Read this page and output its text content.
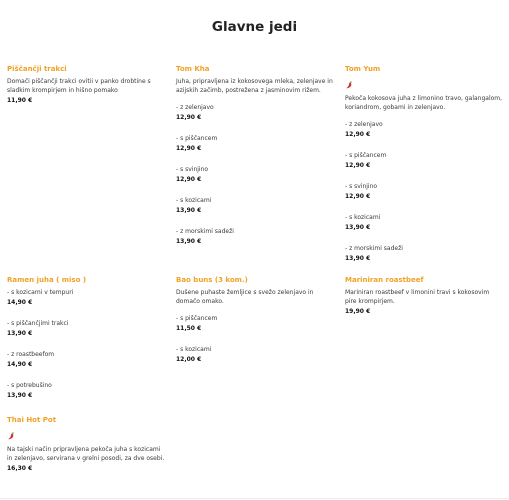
Glavne jedi
Piščančji trakci
Domači piščančji trakci ovitii v panko drobtine s sladkim krompirjem in hišno pomako
11,90 €
Tom Kha
Juha, pripravljena iz kokosovega mleka, zelenjave in azijskih začimb, postrežena z jasminovim rižem.
- z zelenjavo
12,90 €
- s piščancem
12,90 €
- s svinjino
12,90 €
- s kozicami
13,90 €
- z morskimi sadeži
13,90 €
Tom Yum
Pekoča kokosova juha z limonino travo, galangalom, koriandrom, gobami in zelenjavo.
- z zelenjavo
12,90 €
- s piščancem
12,90 €
- s svinjino
12,90 €
- s kozicami
13,90 €
- z morskimi sadeži
13,90 €
Ramen juha ( miso )
- s kozicami v tempuri
14,90 €
- s piščančjimi trakci
13,90 €
- z roastbeefom
14,90 €
- s potrebušino
13,90 €
Bao buns (3 kom.)
Dušene puhaste žemljice s svežo zelenjavo in domačo omako.
- s piščancem
11,50 €
- s kozicami
12,00 €
Mariniran roastbeef
Mariniran roastbeef v limonini travi s kokosovim pire krompirjem.
19,90 €
Thai Hot Pot
Na tajski način pripravljena pekoča juha s kozicami in zelenjavo, servirana v grelni posodi, za dve osebi.
16,30 €
